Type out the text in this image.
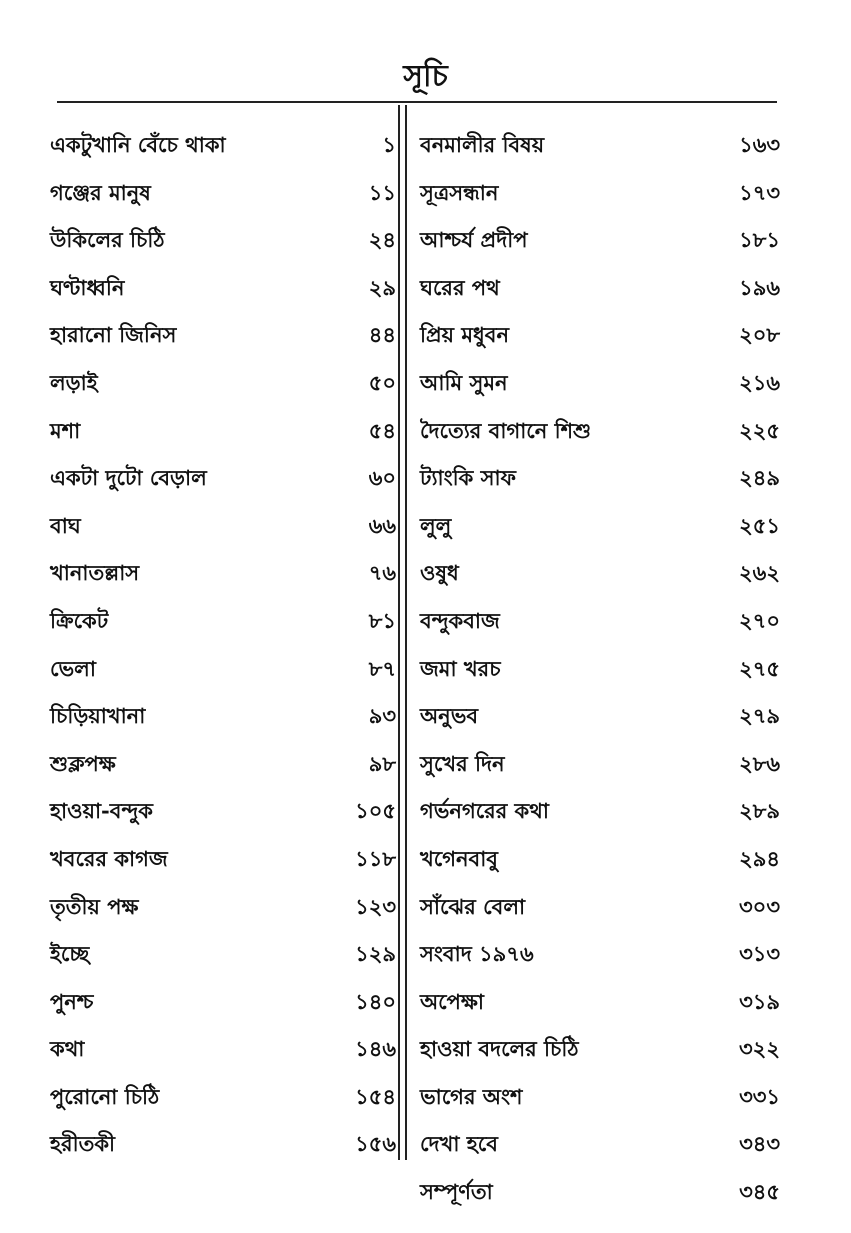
সূচি
একটুখানি বেঁচে থাকা	১
গঞ্জের মানুষ	১১
উকিলের চিঠি	২৪
ঘণ্টাধ্বনি	২৯
হারানো জিনিস	৪৪
লড়াই	৫০
মশা	৫৪
একটা দুটো বেড়াল	৬০
বাঘ	৬৬
খানাতল্লাস	৭৬
ক্রিকেট	৮১
ভেলা	৮৭
চিড়িয়াখানা	৯৩
শুক্লপক্ষ	৯৮
হাওয়া-বন্দুক	১০৫
খবরের কাগজ	১১৮
তৃতীয় পক্ষ	১২৩
ইচ্ছে	১২৯
পুনশ্চ	১৪০
কথা	১৪৬
পুরোনো চিঠি	১৫৪
হরীতকী	১৫৬
বনমালীর বিষয়	১৬৩
সূত্রসন্ধান	১৭৩
আশ্চর্য প্রদীপ	১৮১
ঘরের পথ	১৯৬
প্রিয় মধুবন	২০৮
আমি সুমন	২১৬
দৈত্যের বাগানে শিশু	২২৫
ট্যাংকি সাফ	২৪৯
লুলু	২৫১
ওষুধ	২৬২
বন্দুকবাজ	২৭০
জমা খরচ	২৭৫
অনুভব	২৭৯
সুখের দিন	২৮৬
গর্ভনগরের কথা	২৮৯
খগেনবাবু	২৯৪
সাঁঝের বেলা	৩০৩
সংবাদ ১৯৭৬	৩১৩
অপেক্ষা	৩১৯
হাওয়া বদলের চিঠি	৩২২
ভাগের অংশ	৩৩১
দেখা হবে	৩৪৩
সম্পূর্ণতা	৩৪৫
